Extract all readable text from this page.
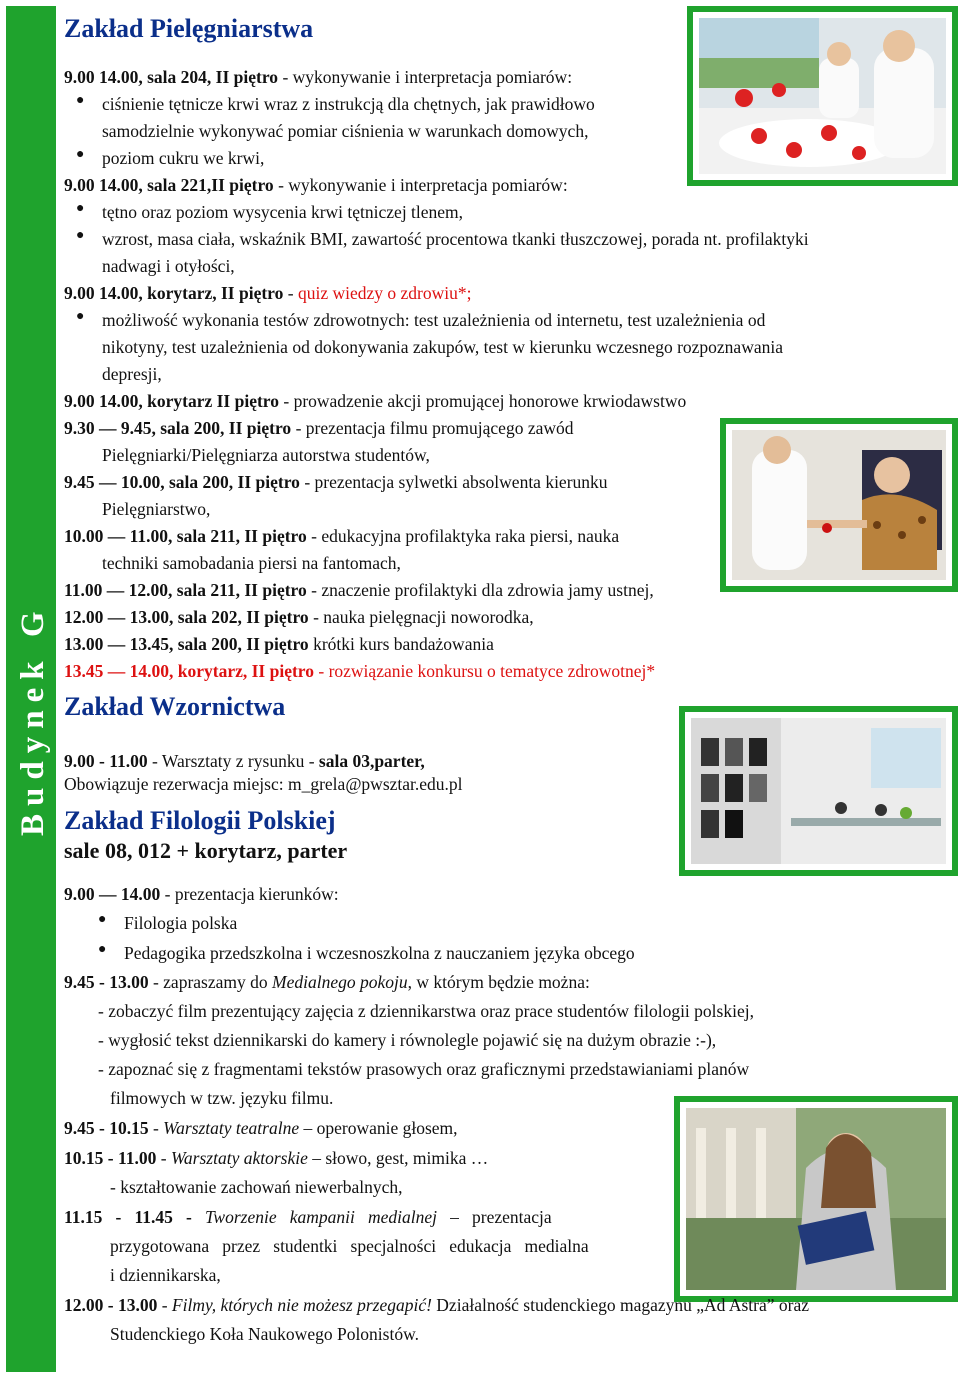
Budynek G
Zakład Pielęgniarstwa
9.00 14.00, sala 204, II piętro - wykonywanie i interpretacja pomiarów:
● ciśnienie tętnicze krwi wraz z instrukcją dla chętnych, jak prawidłowo
samodzielnie wykonywać pomiar ciśnienia w warunkach domowych,
● poziom cukru we krwi,
9.00 14.00, sala 221,II piętro - wykonywanie i interpretacja pomiarów:
● tętno oraz poziom wysycenia krwi tętniczej tlenem,
● wzrost, masa ciała, wskaźnik BMI, zawartość procentowa tkanki tłuszczowej, porada nt. profilaktyki
nadwagi i otyłości,
9.00 14.00, korytarz, II piętro - quiz wiedzy o zdrowiu*;
● możliwość wykonania testów zdrowotnych: test uzależnienia od internetu, test uzależnienia od
nikotyny, test uzależnienia od dokonywania zakupów, test w kierunku wczesnego rozpoznawania
depresji,
9.00 14.00, korytarz II piętro - prowadzenie akcji promującej honorowe krwiodawstwo
9.30 — 9.45, sala 200, II piętro - prezentacja filmu promującego zawód
Pielęgniarki/Pielęgniarza autorstwa studentów,
9.45 — 10.00, sala 200, II piętro - prezentacja sylwetki absolwenta kierunku
Pielęgniarstwo,
10.00 — 11.00, sala 211, II piętro - edukacyjna profilaktyka raka piersi, nauka
techniki samobadania piersi na fantomach,
11.00 — 12.00, sala 211, II piętro - znaczenie profilaktyki dla zdrowia jamy ustnej,
12.00 — 13.00, sala 202, II piętro - nauka pielęgnacji noworodka,
13.00 — 13.45, sala 200, II piętro krótki kurs bandażowania
13.45 — 14.00, korytarz, II piętro - rozwiązanie konkursu o tematyce zdrowotnej*
Zakład Wzornictwa
9.00 - 11.00 - Warsztaty z rysunku - sala 03,parter,
Obowiązuje rezerwacja miejsc: m_grela@pwsztar.edu.pl
Zakład Filologii Polskiej
sale 08, 012 + korytarz, parter
9.00 — 14.00 - prezentacja kierunków:
● Filologia polska
● Pedagogika przedszkolna i wczesnoszkolna z nauczaniem języka obcego
9.45 - 13.00 - zapraszamy do Medialnego pokoju, w którym będzie można:
- zobaczyć film prezentujący zajęcia z dziennikarstwa oraz prace studentów filologii polskiej,
- wygłosić tekst dziennikarski do kamery i równolegle pojawić się na dużym obrazie :-),
- zapoznać się z fragmentami tekstów prasowych oraz graficznymi przedstawianiami planów
filmowych w tzw. języku filmu.
9.45 - 10.15 - Warsztaty teatralne – operowanie głosem,
10.15 - 11.00 - Warsztaty aktorskie – słowo, gest, mimika …
- kształtowanie zachowań niewerbalnych,
11.15   -   11.45   -   Tworzenie   kampanii   medialnej   –   prezentacja
przygotowana   przez   studentki   specjalności   edukacja   medialna
i dziennikarska,
12.00 - 13.00 - Filmy, których nie możesz przegapić! Działalność studenckiego magazynu „Ad Astra” oraz
Studenckiego Koła Naukowego Polonistów.
